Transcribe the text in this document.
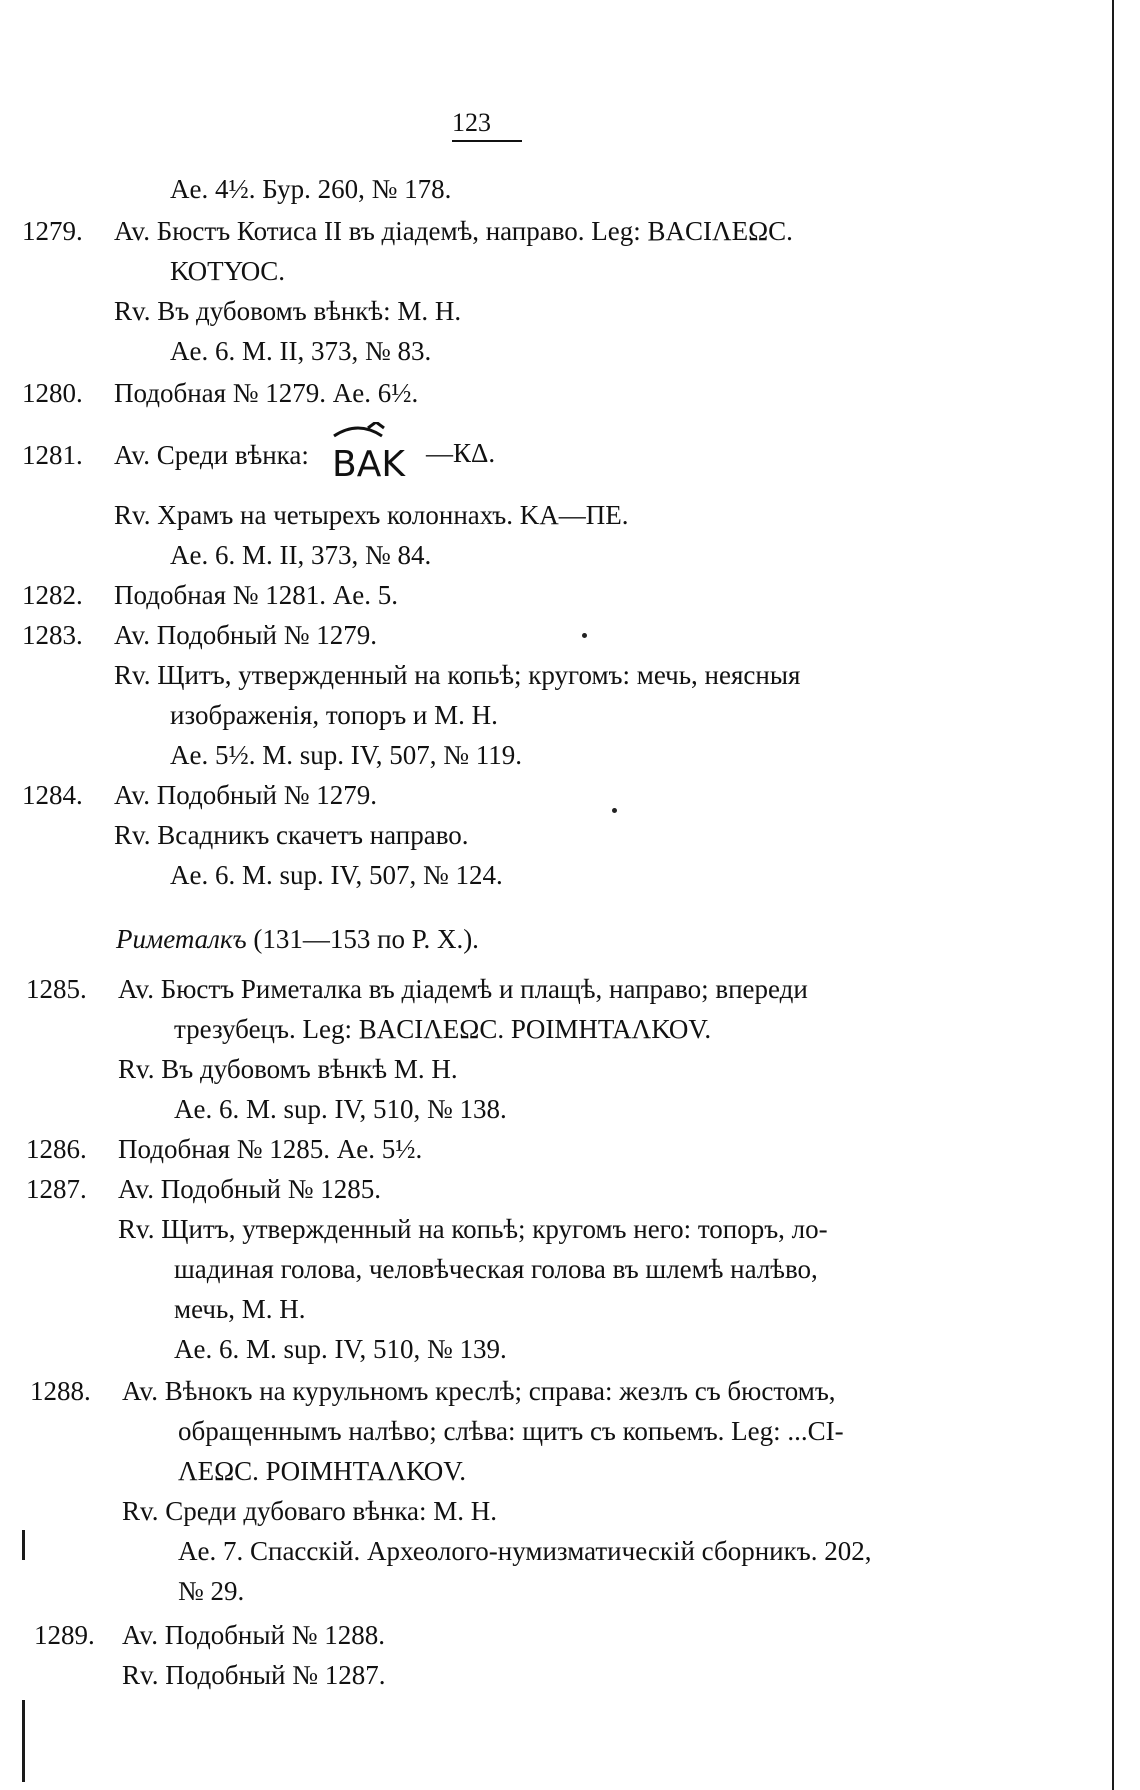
123
Ae. 4½. Бур. 260, № 178.
1279. Av. Бюстъ Котиса II въ діадемѣ, направо. Leg: ΒΑCΙΛΕΩC.
ΚΟΤΥΟC.
Rv. Въ дубовомъ вѣнкѣ: Μ. Η.
Ae. 6. M. II, 373, № 83.
1280. Подобная № 1279. Ae. 6½.
1281. Av. Среди вѣнка: BAK —КΔ.
Rv. Храмъ на четырехъ колоннахъ. ΚΑ—ΠΕ.
Ae. 6. M. II, 373, № 84.
1282. Подобная № 1281. Ae. 5.
1283. Av. Подобный № 1279.
Rv. Щитъ, утвержденный на копьѣ; кругомъ: мечь, неясныя
изображенія, топоръ и Μ. Η.
Ae. 5½. M. sup. IV, 507, № 119.
1284. Av. Подобный № 1279.
Rv. Всадникъ скачетъ направо.
Ae. 6. M. sup. IV, 507, № 124.
Риметалкъ (131—153 по Р. Х.).
1285. Av. Бюстъ Риметалка въ діадемѣ и плащѣ, направо; впереди
трезубецъ. Leg: ΒΑCΙΛΕΩC. ΡΟΙΜΗΤΑΛΚΟV.
Rv. Въ дубовомъ вѣнкѣ Μ. Η.
Ae. 6. M. sup. IV, 510, № 138.
1286. Подобная № 1285. Ae. 5½.
1287. Av. Подобный № 1285.
Rv. Щитъ, утвержденный на копьѣ; кругомъ него: топоръ, ло-
шадиная голова, человѣческая голова въ шлемѣ налѣво,
мечь, Μ. Η.
Ae. 6. M. sup. IV, 510, № 139.
1288. Av. Вѣнокъ на курульномъ креслѣ; справа: жезлъ съ бюстомъ,
обращеннымъ налѣво; слѣва: щитъ съ копьемъ. Leg: ...CI-
ΛΕΩC. ΡΟΙΜΗΤΑΛΚΟV.
Rv. Среди дубоваго вѣнка: Μ. Η.
Ae. 7. Спасскій. Археолого-нумизматическій сборникъ. 202,
№ 29.
1289. Av. Подобный № 1288.
Rv. Подобный № 1287.
